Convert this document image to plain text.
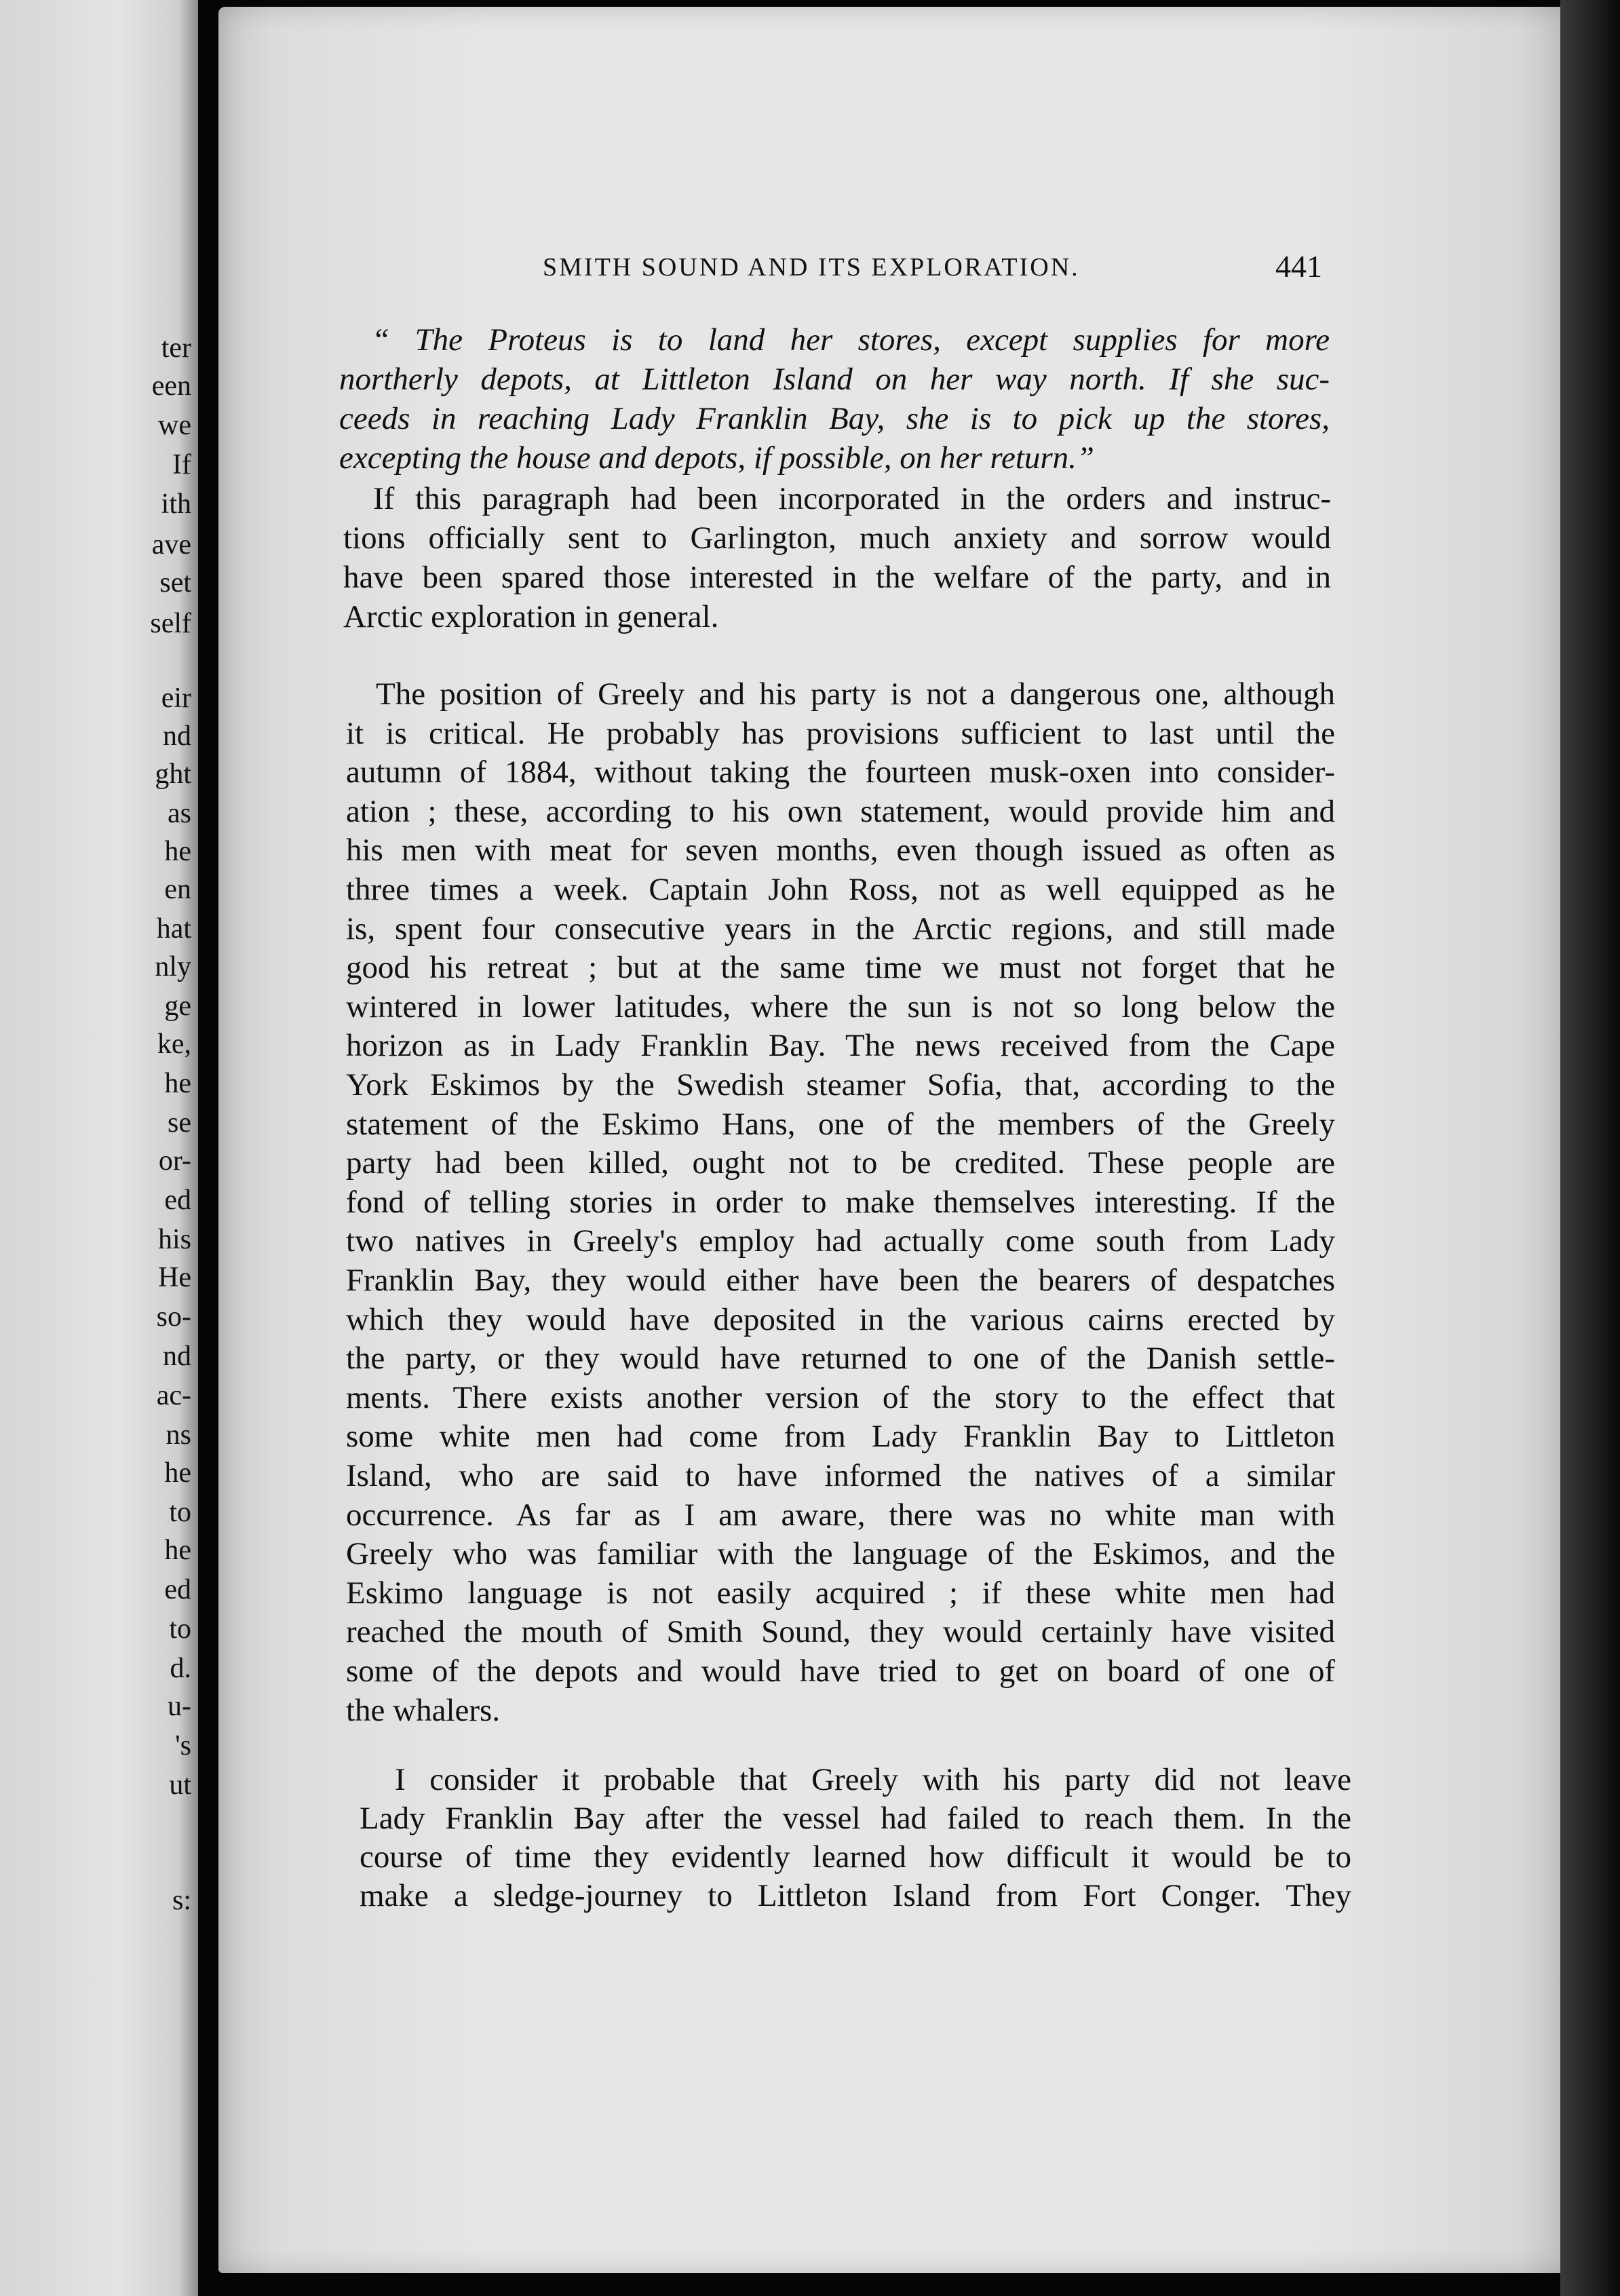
ter
een
we
If
ith
ave
set
self
eir
nd
ght
as
he
en
hat
nly
ge
ke,
he
se
or-
ed
his
He
so-
nd
ac-
ns
he
to
he
ed
to
d.
u-
's
ut
s:
SMITH SOUND AND ITS EXPLORATION.	441
“ The Proteus is to land her stores, except supplies for more
northerly depots, at Littleton Island on her way north. If she suc-
ceeds in reaching Lady Franklin Bay, she is to pick up the stores,
excepting the house and depots, if possible, on her return.”
If this paragraph had been incorporated in the orders and instruc-
tions officially sent to Garlington, much anxiety and sorrow would
have been spared those interested in the welfare of the party, and in
Arctic exploration in general.
The position of Greely and his party is not a dangerous one, although
it is critical. He probably has provisions sufficient to last until the
autumn of 1884, without taking the fourteen musk-oxen into consider-
ation ; these, according to his own statement, would provide him and
his men with meat for seven months, even though issued as often as
three times a week. Captain John Ross, not as well equipped as he
is, spent four consecutive years in the Arctic regions, and still made
good his retreat ; but at the same time we must not forget that he
wintered in lower latitudes, where the sun is not so long below the
horizon as in Lady Franklin Bay. The news received from the Cape
York Eskimos by the Swedish steamer Sofia, that, according to the
statement of the Eskimo Hans, one of the members of the Greely
party had been killed, ought not to be credited. These people are
fond of telling stories in order to make themselves interesting. If the
two natives in Greely's employ had actually come south from Lady
Franklin Bay, they would either have been the bearers of despatches
which they would have deposited in the various cairns erected by
the party, or they would have returned to one of the Danish settle-
ments. There exists another version of the story to the effect that
some white men had come from Lady Franklin Bay to Littleton
Island, who are said to have informed the natives of a similar
occurrence. As far as I am aware, there was no white man with
Greely who was familiar with the language of the Eskimos, and the
Eskimo language is not easily acquired ; if these white men had
reached the mouth of Smith Sound, they would certainly have visited
some of the depots and would have tried to get on board of one of
the whalers.
I consider it probable that Greely with his party did not leave
Lady Franklin Bay after the vessel had failed to reach them. In the
course of time they evidently learned how difficult it would be to
make a sledge-journey to Littleton Island from Fort Conger. They
